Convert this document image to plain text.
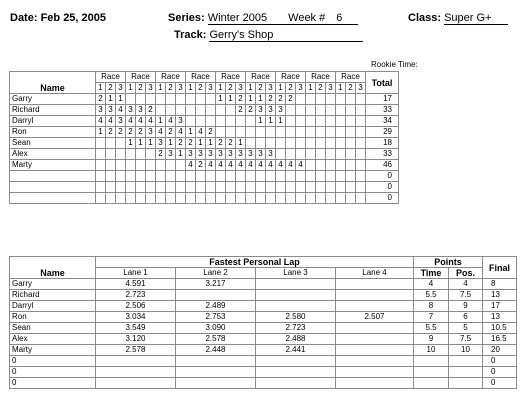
Date: Feb 25, 2005	Series: Winter 2005 Week # 6	Class: Super G+
Track: Gerry's Shop
Rookie Time:
	Race			Race			Race			Race			Race			Race			Race			Race			Race			Total
Name	1	2	3	1	2	3	1	2	3	1	2	3	1	2	3	1	2	3	1	2	3	1	2	3	1	2	3	
Garry	2	1	1										1	1	2	1	1	2	2	2								17
Richard	3	3	4	3	3	2									2	2	3	3	3									33
Darryl	4	4	3	4	4	4	1	4	3								1	1	1									34
Ron	1	2	2	2	2	3	4	2	4	1	4	2																29
Sean				1	1	1	3	1	2	2	1	1	2	2	1													18
Alex							2	3	1	3	3	3	3	3	3	3	3	3										33
Marty										4	2	4	4	4	4	4	4	4	4	4	4							46
																												0
																												0
																												0
	Fastest Personal Lap				Points		Final
Name	Lane 1	Lane 2	Lane 3	Lane 4	Time	Pos.	
Garry	4.591	3.217			4	4	8
Richard	2.723				5.5	7.5	13
Darryl	2.506	2.489			8	9	17
Ron	3.034	2.753	2.580	2.507	7	6	13
Sean	3.549	3.090	2.723		5.5	5	10.5
Alex	3.120	2.578	2.488		9	7.5	16.5
Marty	2.578	2.448	2.441		10	10	20
0							0
0							0
0							0
